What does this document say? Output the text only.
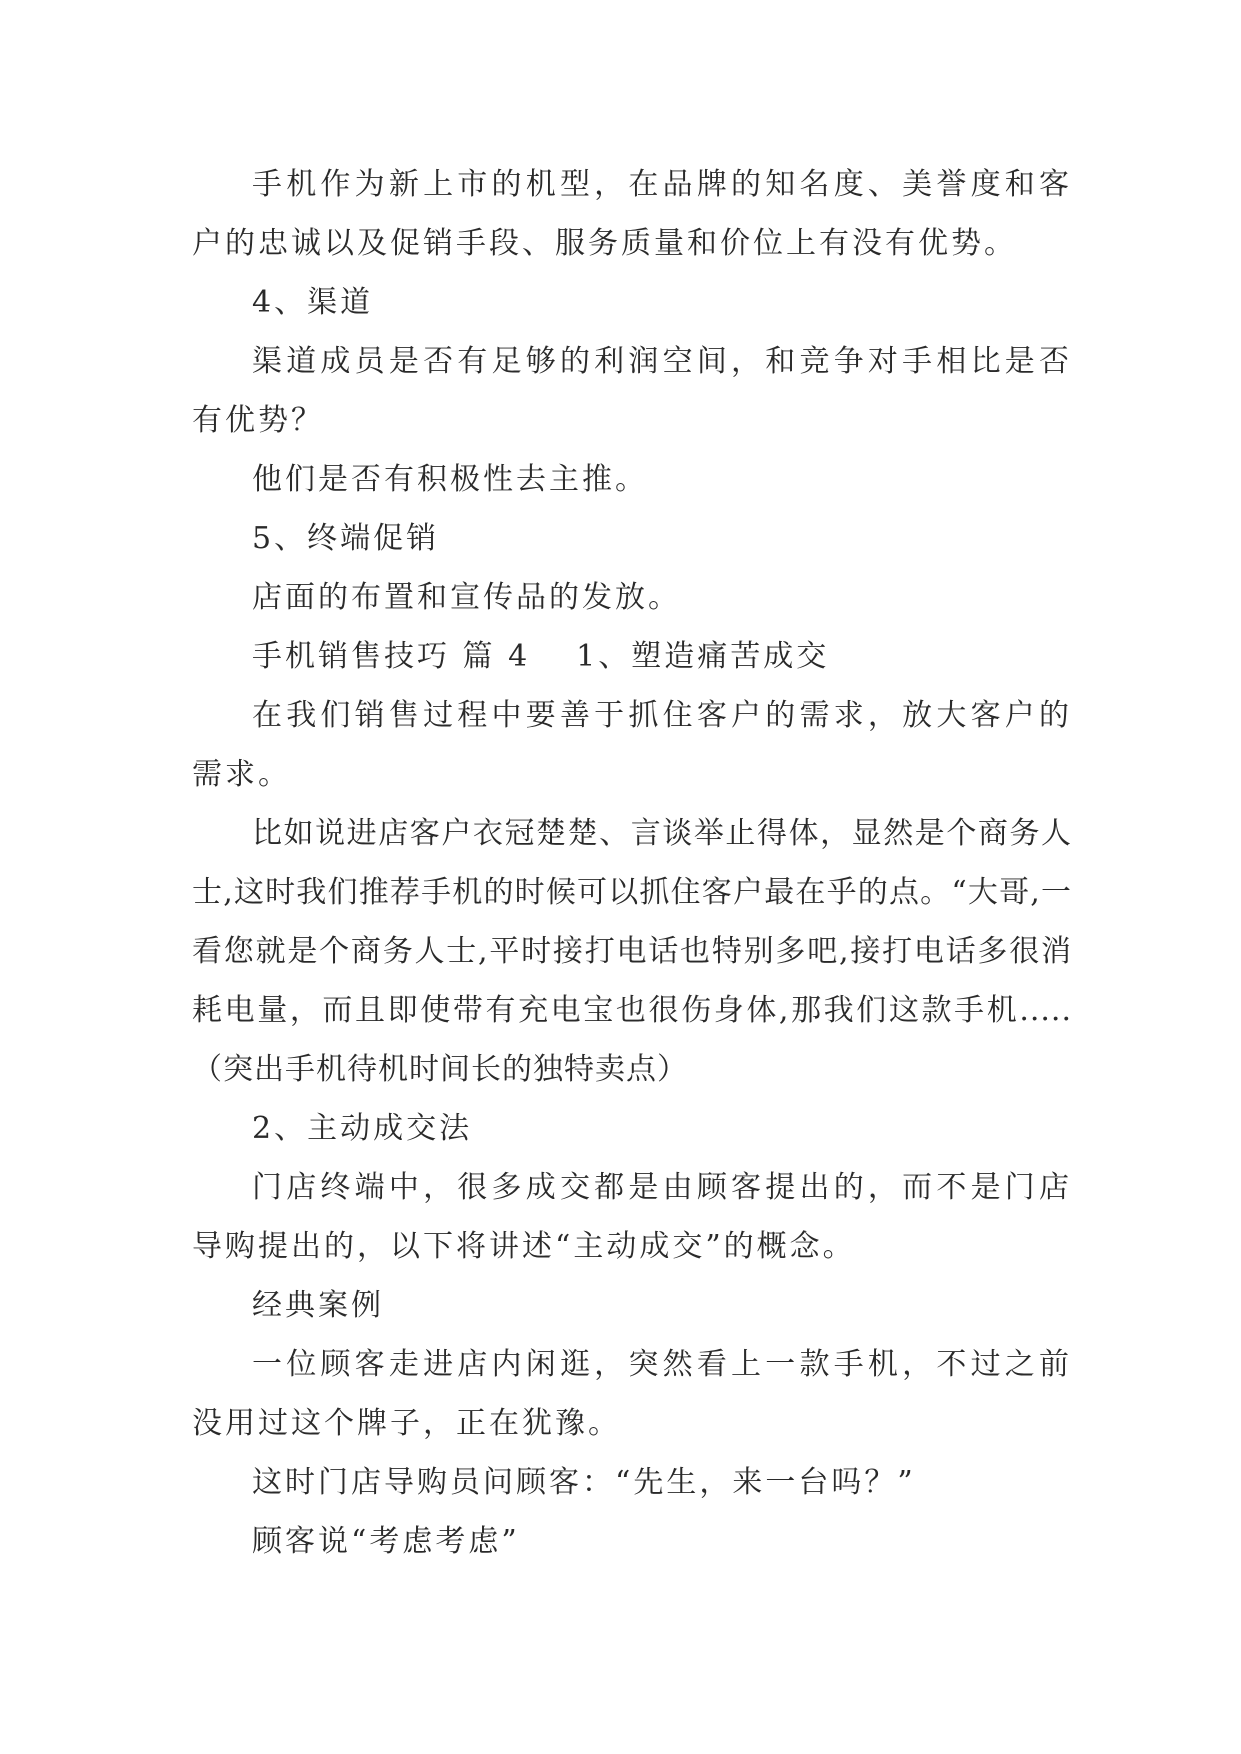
手机作为新上市的机型，在品牌的知名度、美誉度和客户的忠诚以及促销手段、服务质量和价位上有没有优势。

4、渠道

渠道成员是否有足够的利润空间，和竞争对手相比是否有优势？

他们是否有积极性去主推。

5、终端促销

店面的布置和宣传品的发放。

手机销售技巧 篇 4 1、塑造痛苦成交

在我们销售过程中要善于抓住客户的需求，放大客户的需求。

比如说进店客户衣冠楚楚、言谈举止得体，显然是个商务人士,这时我们推荐手机的时候可以抓住客户最在乎的点。“大哥,一看您就是个商务人士,平时接打电话也特别多吧,接打电话多很消耗电量，而且即使带有充电宝也很伤身体,那我们这款手机.....（突出手机待机时间长的独特卖点）

2、主动成交法

门店终端中，很多成交都是由顾客提出的，而不是门店导购提出的，以下将讲述“主动成交”的概念。

经典案例

一位顾客走进店内闲逛，突然看上一款手机，不过之前没用过这个牌子，正在犹豫。

这时门店导购员问顾客：“先生，来一台吗？”

顾客说“考虑考虑”
